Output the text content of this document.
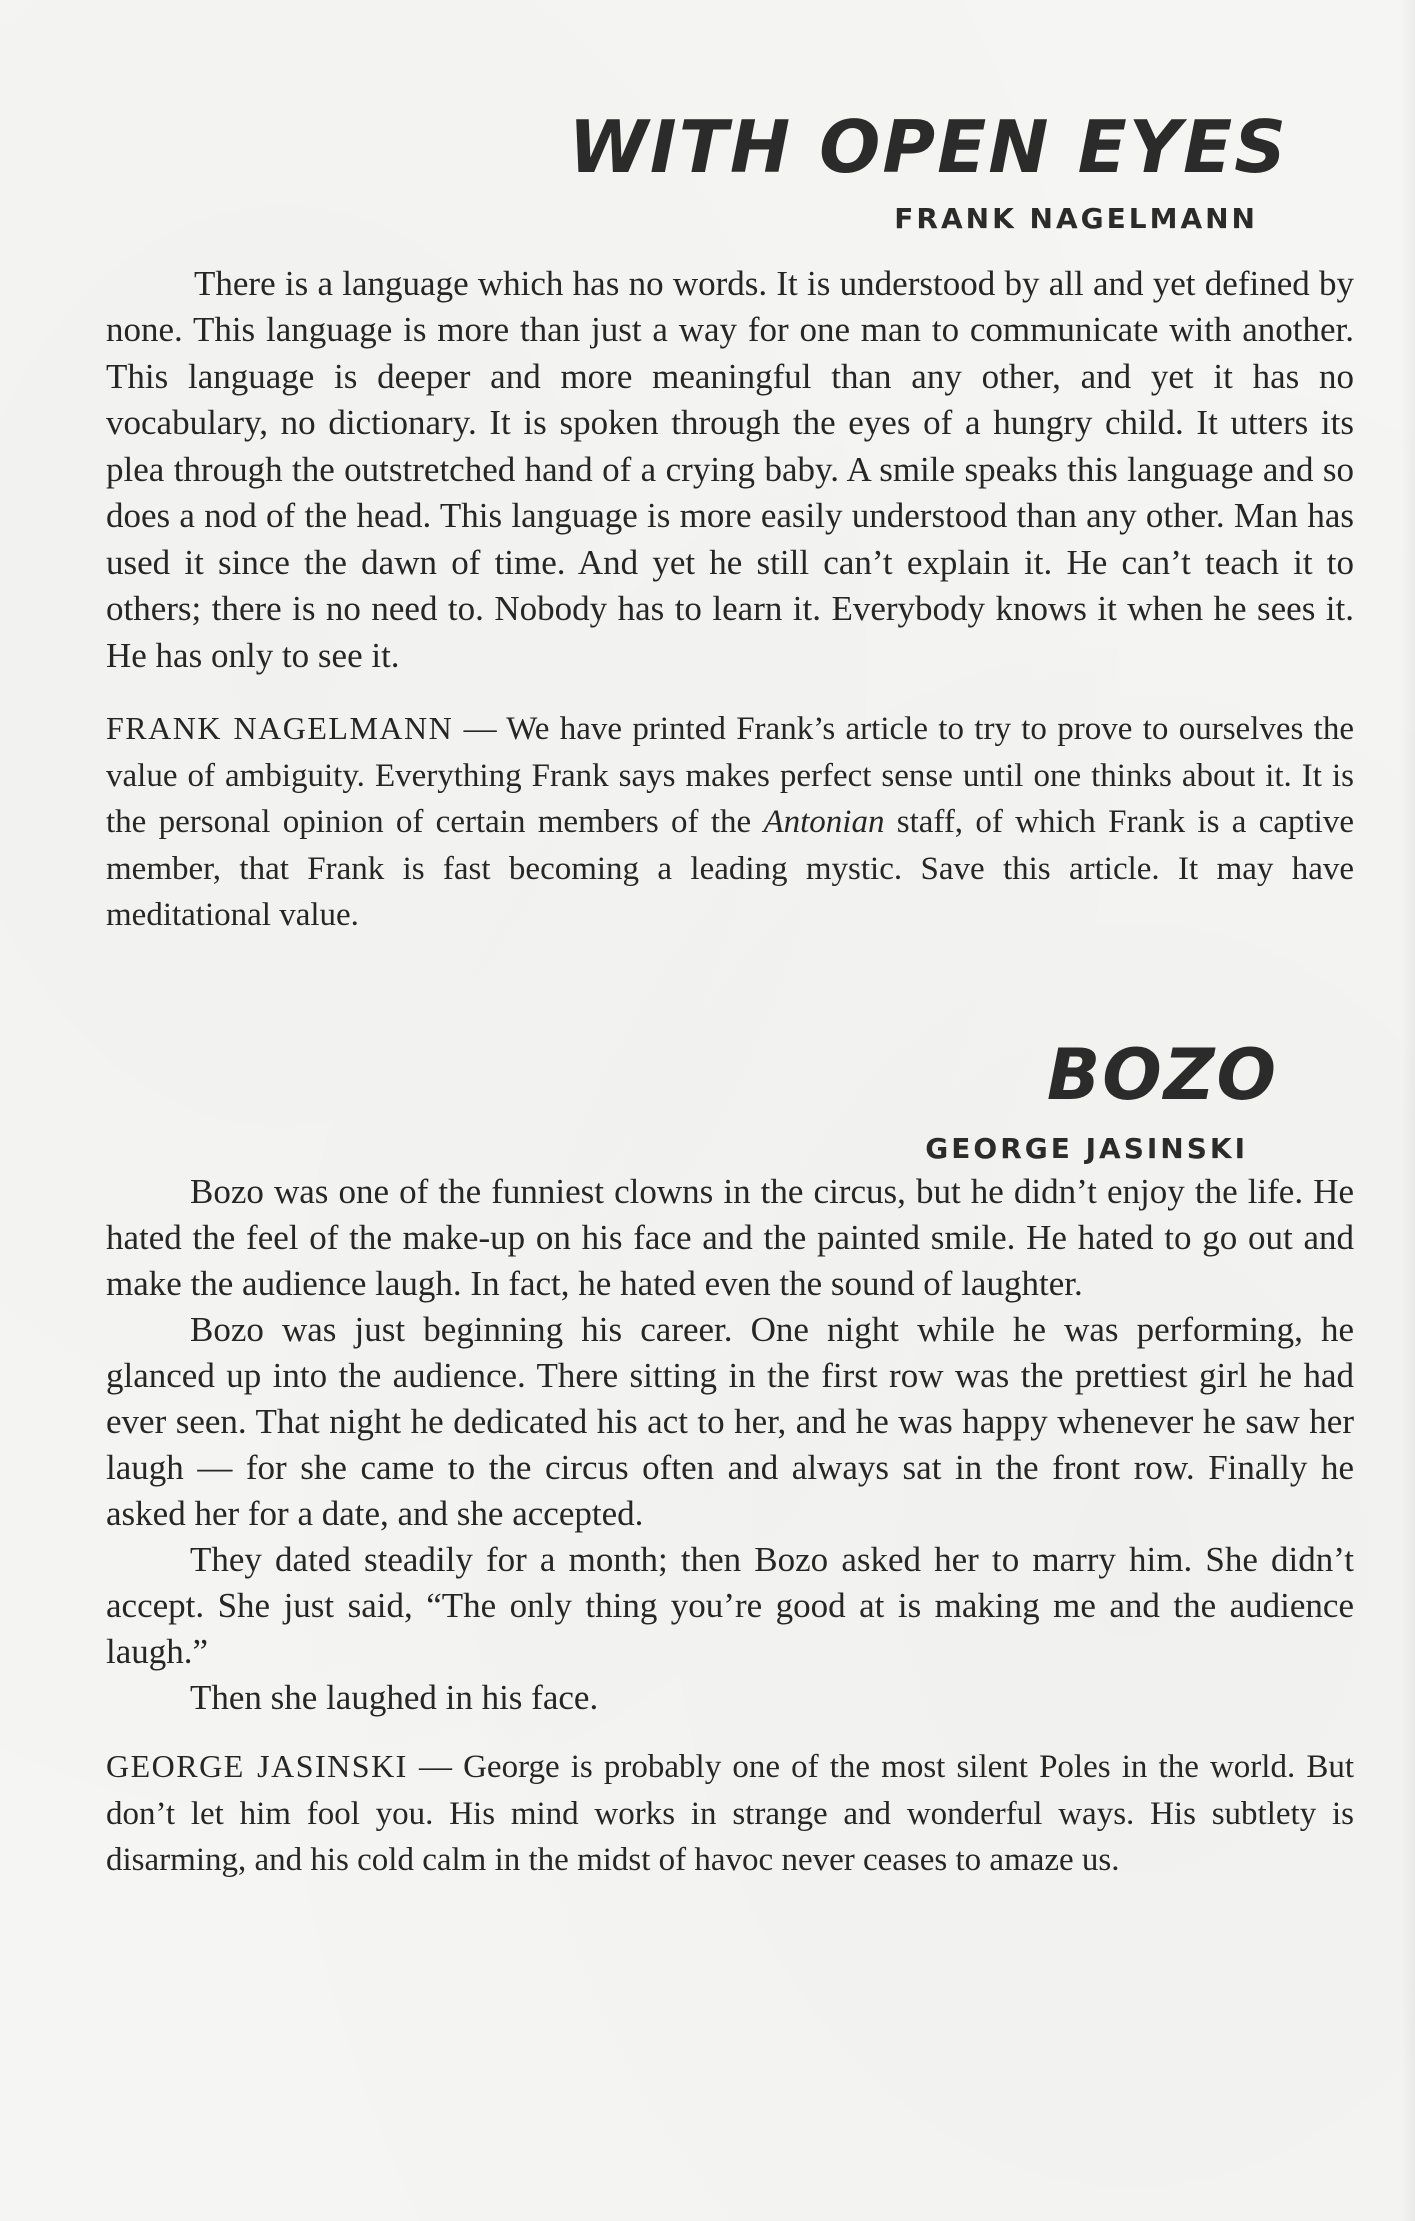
WITH OPEN EYES
FRANK NAGELMANN

There is a language which has no words. It is understood by all and yet defined by none. This language is more than just a way for one man to communicate with another. This language is deeper and more meaningful than any other, and yet it has no vocabulary, no dictionary. It is spoken through the eyes of a hungry child. It utters its plea through the outstretched hand of a crying baby. A smile speaks this language and so does a nod of the head. This language is more easily understood than any other. Man has used it since the dawn of time. And yet he still can’t explain it. He can’t teach it to others; there is no need to. Nobody has to learn it. Everybody knows it when he sees it. He has only to see it.

FRANK NAGELMANN — We have printed Frank’s article to try to prove to ourselves the value of ambiguity. Everything Frank says makes perfect sense until one thinks about it. It is the personal opinion of certain members of the Antonian staff, of which Frank is a captive member, that Frank is fast becoming a leading mystic. Save this article. It may have meditational value.

BOZO
GEORGE JASINSKI

Bozo was one of the funniest clowns in the circus, but he didn’t enjoy the life. He hated the feel of the make-up on his face and the painted smile. He hated to go out and make the audience laugh. In fact, he hated even the sound of laughter.

Bozo was just beginning his career. One night while he was performing, he glanced up into the audience. There sitting in the first row was the prettiest girl he had ever seen. That night he dedicated his act to her, and he was happy whenever he saw her laugh — for she came to the circus often and always sat in the front row. Finally he asked her for a date, and she accepted.

They dated steadily for a month; then Bozo asked her to marry him. She didn’t accept. She just said, “The only thing you’re good at is making me and the audience laugh.”

Then she laughed in his face.

GEORGE JASINSKI — George is probably one of the most silent Poles in the world. But don’t let him fool you. His mind works in strange and wonderful ways. His subtlety is disarming, and his cold calm in the midst of havoc never ceases to amaze us.
